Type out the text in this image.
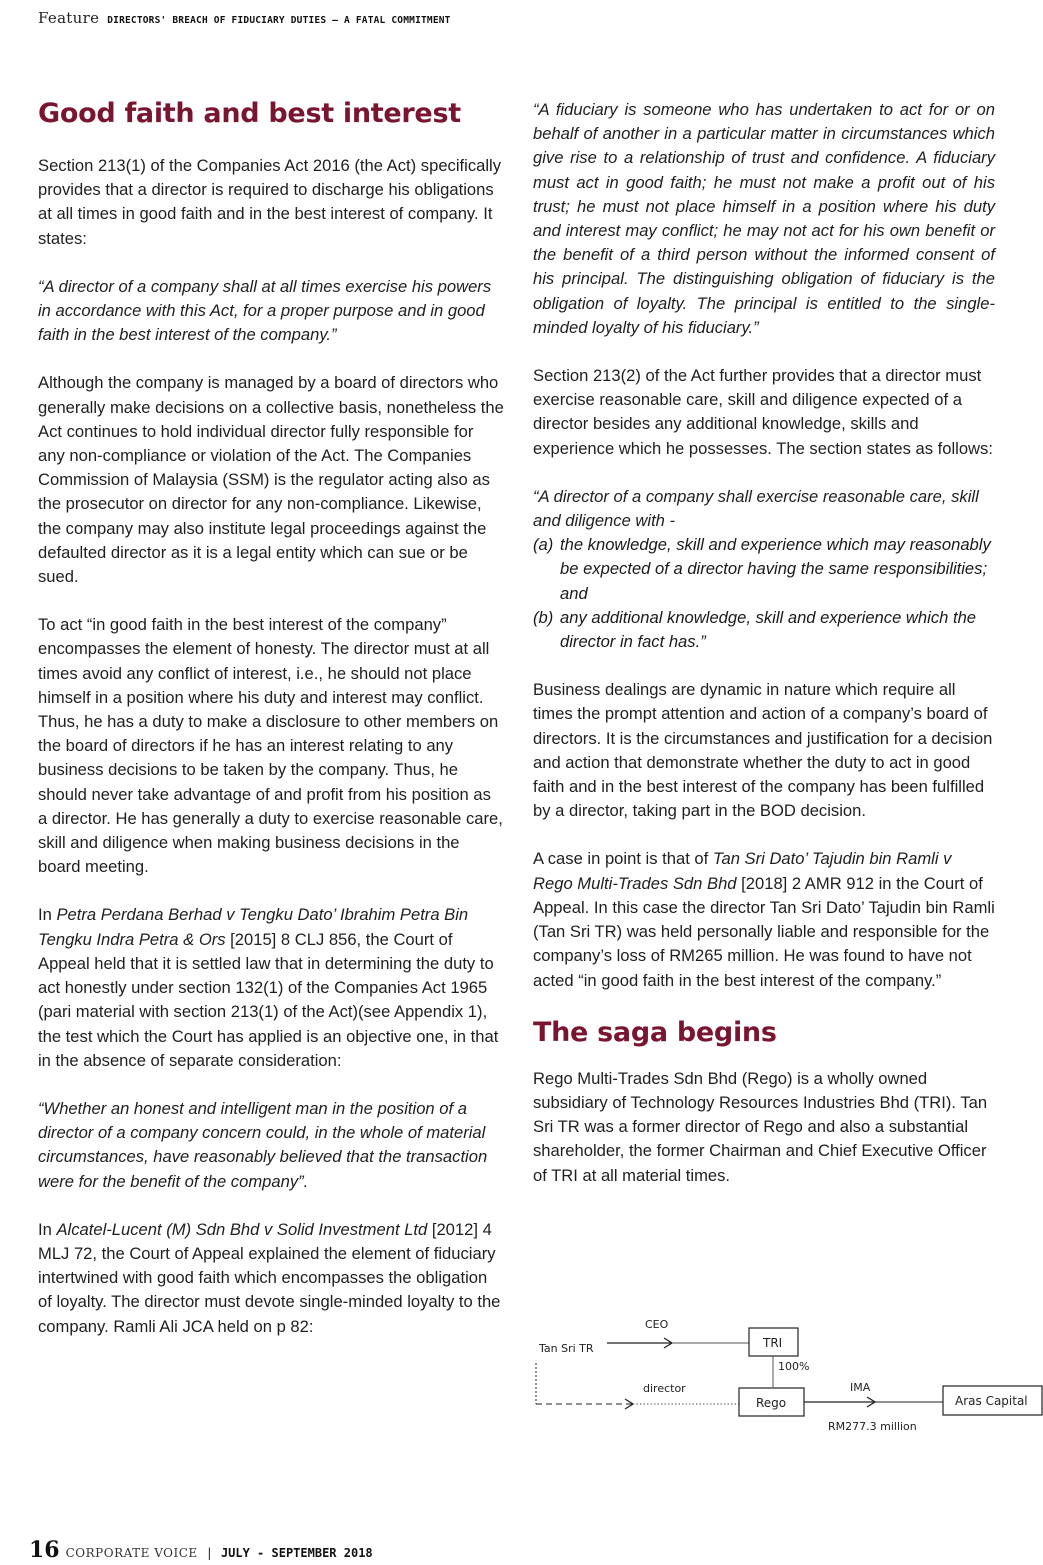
Feature DIRECTORS' BREACH OF FIDUCIARY DUTIES – A FATAL COMMITMENT
Good faith and best interest

Section 213(1) of the Companies Act 2016 (the Act) specifically provides that a director is required to discharge his obligations at all times in good faith and in the best interest of company. It states:

“A director of a company shall at all times exercise his powers in accordance with this Act, for a proper purpose and in good faith in the best interest of the company.”

Although the company is managed by a board of directors who generally make decisions on a collective basis, nonetheless the Act continues to hold individual director fully responsible for any non-compliance or violation of the Act. The Companies Commission of Malaysia (SSM) is the regulator acting also as the prosecutor on director for any non-compliance. Likewise, the company may also institute legal proceedings against the defaulted director as it is a legal entity which can sue or be sued.

To act “in good faith in the best interest of the company” encompasses the element of honesty. The director must at all times avoid any conflict of interest, i.e., he should not place himself in a position where his duty and interest may conflict. Thus, he has a duty to make a disclosure to other members on the board of directors if he has an interest relating to any business decisions to be taken by the company. Thus, he should never take advantage of and profit from his position as a director. He has generally a duty to exercise reasonable care, skill and diligence when making business decisions in the board meeting.

In Petra Perdana Berhad v Tengku Dato’ Ibrahim Petra Bin Tengku Indra Petra & Ors [2015] 8 CLJ 856, the Court of Appeal held that it is settled law that in determining the duty to act honestly under section 132(1) of the Companies Act 1965 (pari material with section 213(1) of the Act)(see Appendix 1), the test which the Court has applied is an objective one, in that in the absence of separate consideration:

“Whether an honest and intelligent man in the position of a director of a company concern could, in the whole of material circumstances, have reasonably believed that the transaction were for the benefit of the company”.

In Alcatel-Lucent (M) Sdn Bhd v Solid Investment Ltd [2012] 4 MLJ 72, the Court of Appeal explained the element of fiduciary intertwined with good faith which encompasses the obligation of loyalty. The director must devote single-minded loyalty to the company. Ramli Ali JCA held on p 82:

“A fiduciary is someone who has undertaken to act for or on behalf of another in a particular matter in circumstances which give rise to a relationship of trust and confidence. A fiduciary must act in good faith; he must not make a profit out of his trust; he must not place himself in a position where his duty and interest may conflict; he may not act for his own benefit or the benefit of a third person without the informed consent of his principal. The distinguishing obligation of fiduciary is the obligation of loyalty. The principal is entitled to the single-minded loyalty of his fiduciary.”

Section 213(2) of the Act further provides that a director must exercise reasonable care, skill and diligence expected of a director besides any additional knowledge, skills and experience which he possesses. The section states as follows:

“A director of a company shall exercise reasonable care, skill and diligence with -

(a) the knowledge, skill and experience which may reasonably be expected of a director having the same responsibilities; and
(b) any additional knowledge, skill and experience which the director in fact has.”

Business dealings are dynamic in nature which require all times the prompt attention and action of a company’s board of directors. It is the circumstances and justification for a decision and action that demonstrate whether the duty to act in good faith and in the best interest of the company has been fulfilled by a director, taking part in the BOD decision.

A case in point is that of Tan Sri Dato’ Tajudin bin Ramli v Rego Multi-Trades Sdn Bhd [2018] 2 AMR 912 in the Court of Appeal. In this case the director Tan Sri Dato’ Tajudin bin Ramli (Tan Sri TR) was held personally liable and responsible for the company’s loss of RM265 million. He was found to have not acted “in good faith in the best interest of the company.”

The saga begins

Rego Multi-Trades Sdn Bhd (Rego) is a wholly owned subsidiary of Technology Resources Industries Bhd (TRI). Tan Sri TR was a former director of Rego and also a substantial shareholder, the former Chairman and Chief Executive Officer of TRI at all material times.

Tan Sri TR
CEO
TRI
100%
director
Rego
IMA
RM277.3 million
Aras Capital
16 CORPORATE VOICE | JULY - SEPTEMBER 2018
